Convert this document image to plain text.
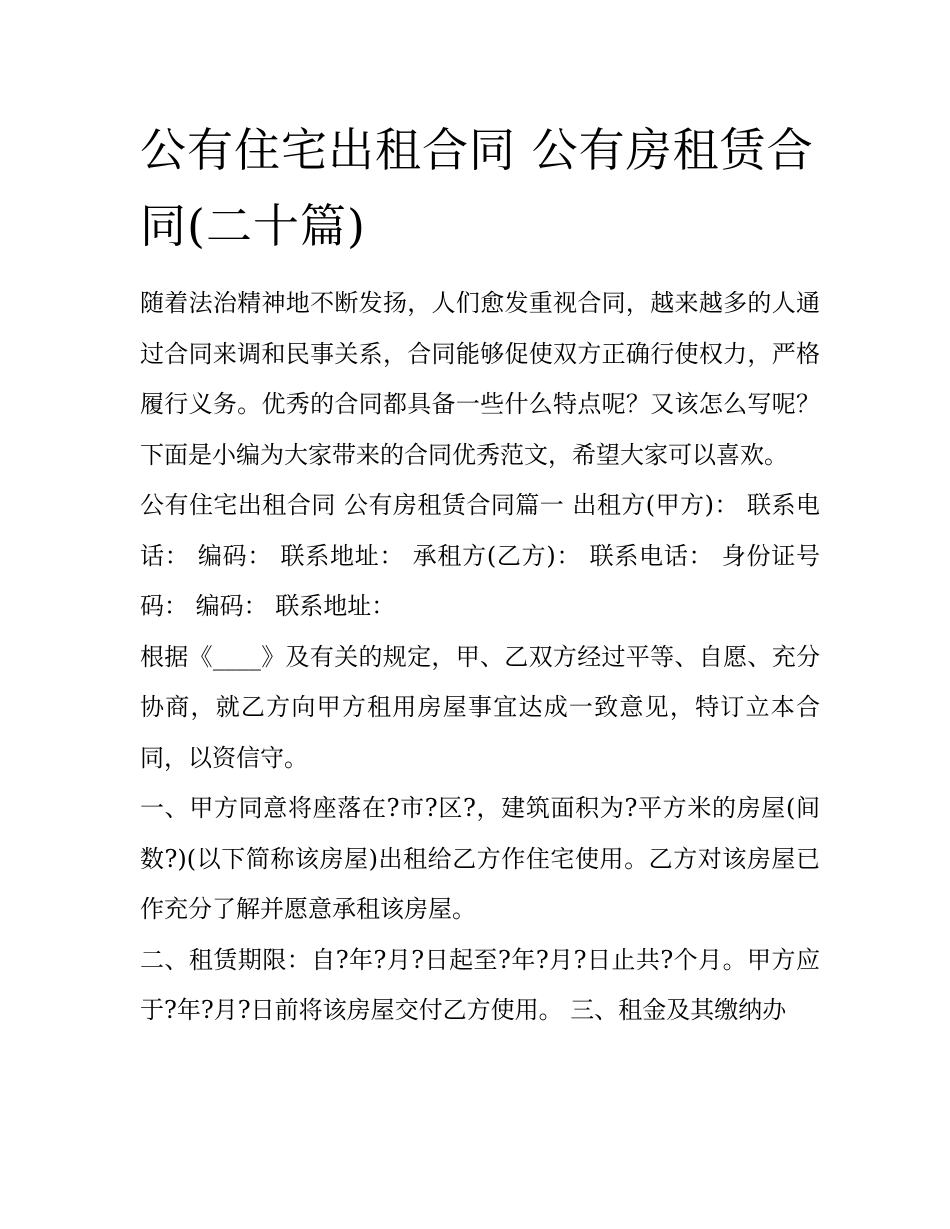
公有住宅出租合同 公有房租赁合同(二十篇)

随着法治精神地不断发扬，人们愈发重视合同，越来越多的人通过合同来调和民事关系，合同能够促使双方正确行使权力，严格履行义务。优秀的合同都具备一些什么特点呢？又该怎么写呢？下面是小编为大家带来的合同优秀范文，希望大家可以喜欢。

公有住宅出租合同 公有房租赁合同篇一 出租方(甲方)： 联系电话： 编码： 联系地址： 承租方(乙方)： 联系电话： 身份证号码： 编码： 联系地址：

根据《____》及有关的规定，甲、乙双方经过平等、自愿、充分协商，就乙方向甲方租用房屋事宜达成一致意见，特订立本合同，以资信守。

一、甲方同意将座落在?市?区?，建筑面积为?平方米的房屋(间数?)(以下简称该房屋)出租给乙方作住宅使用。乙方对该房屋已作充分了解并愿意承租该房屋。

二、租赁期限：自?年?月?日起至?年?月?日止共?个月。甲方应于?年?月?日前将该房屋交付乙方使用。 三、租金及其缴纳办
